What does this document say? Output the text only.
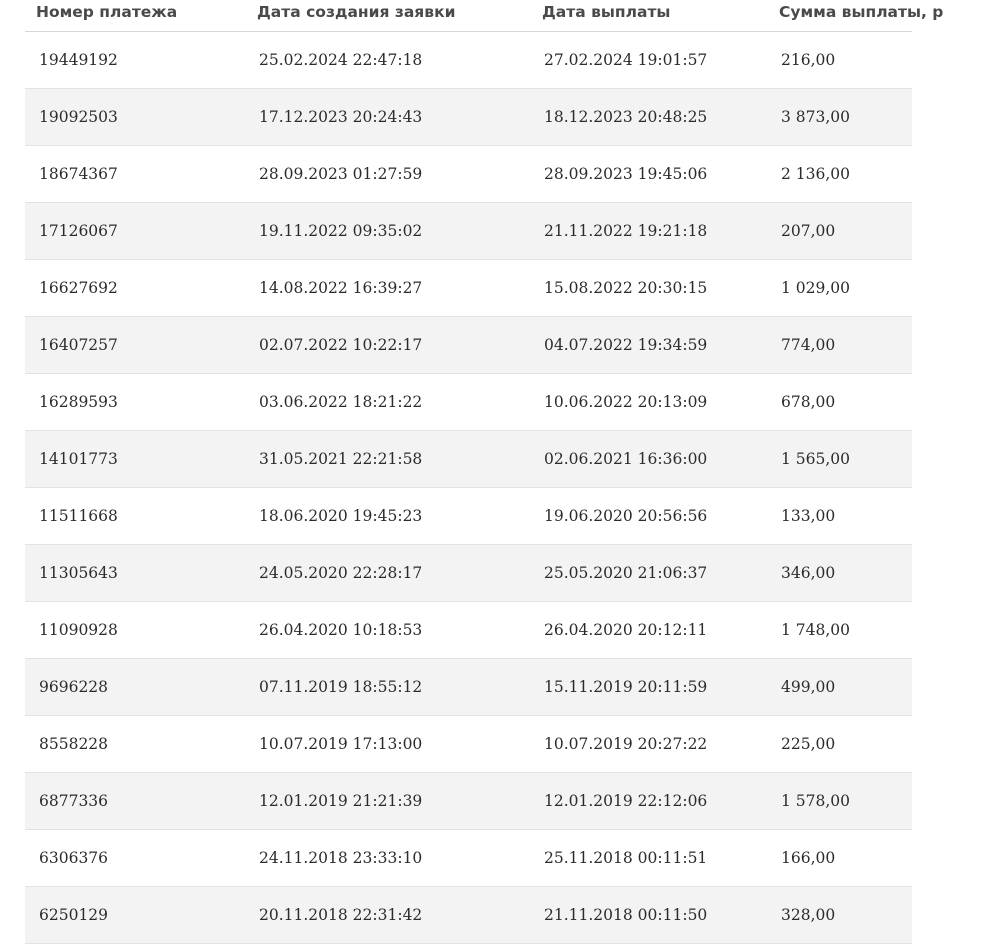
Номер платежа	Дата создания заявки	Дата выплаты	Сумма выплаты, р
19449192	25.02.2024 22:47:18	27.02.2024 19:01:57	216,00
19092503	17.12.2023 20:24:43	18.12.2023 20:48:25	3 873,00
18674367	28.09.2023 01:27:59	28.09.2023 19:45:06	2 136,00
17126067	19.11.2022 09:35:02	21.11.2022 19:21:18	207,00
16627692	14.08.2022 16:39:27	15.08.2022 20:30:15	1 029,00
16407257	02.07.2022 10:22:17	04.07.2022 19:34:59	774,00
16289593	03.06.2022 18:21:22	10.06.2022 20:13:09	678,00
14101773	31.05.2021 22:21:58	02.06.2021 16:36:00	1 565,00
11511668	18.06.2020 19:45:23	19.06.2020 20:56:56	133,00
11305643	24.05.2020 22:28:17	25.05.2020 21:06:37	346,00
11090928	26.04.2020 10:18:53	26.04.2020 20:12:11	1 748,00
9696228	07.11.2019 18:55:12	15.11.2019 20:11:59	499,00
8558228	10.07.2019 17:13:00	10.07.2019 20:27:22	225,00
6877336	12.01.2019 21:21:39	12.01.2019 22:12:06	1 578,00
6306376	24.11.2018 23:33:10	25.11.2018 00:11:51	166,00
6250129	20.11.2018 22:31:42	21.11.2018 00:11:50	328,00
